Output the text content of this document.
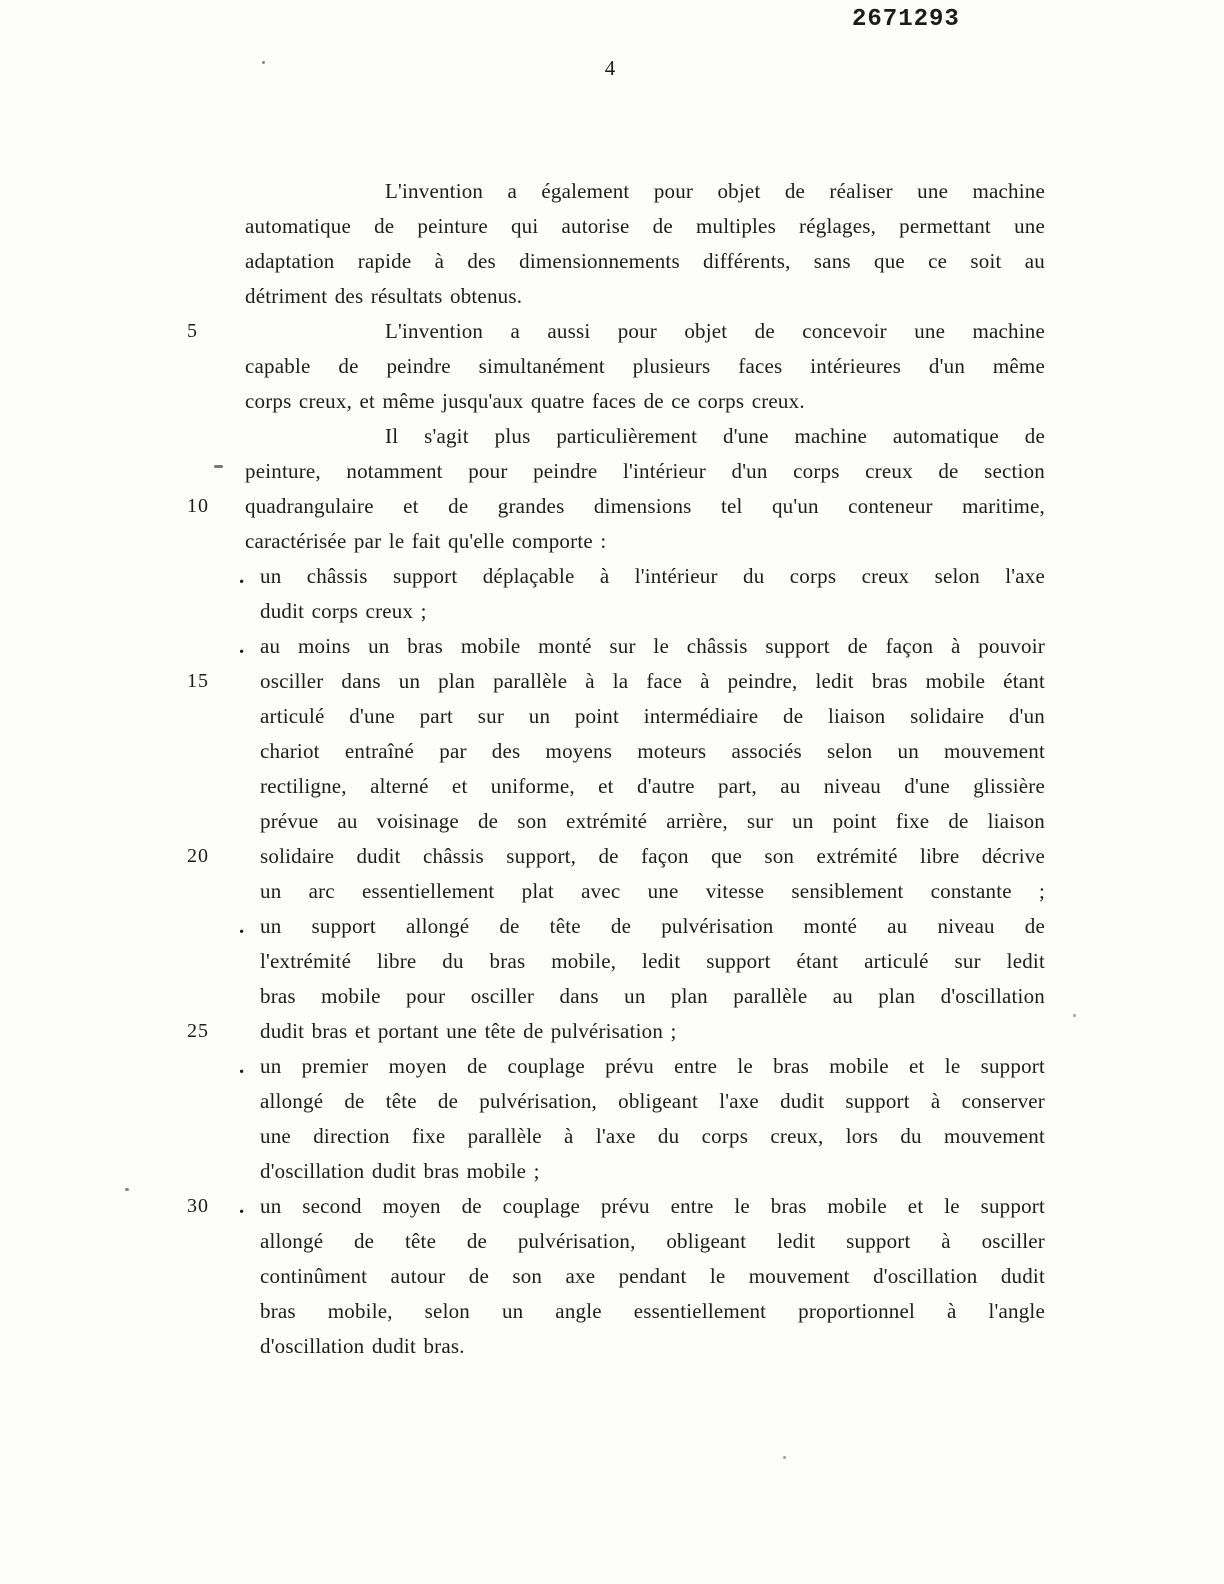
2671293
4
L'invention a également pour objet de réaliser une machine
automatique de peinture qui autorise de multiples réglages, permettant une
adaptation rapide à des dimensionnements différents, sans que ce soit au
détriment des résultats obtenus.
5	L'invention a aussi pour objet de concevoir une machine
capable de peindre simultanément plusieurs faces intérieures d'un même
corps creux, et même jusqu'aux quatre faces de ce corps creux.
Il s'agit plus particulièrement d'une machine automatique de
peinture, notamment pour peindre l'intérieur d'un corps creux de section
10	quadrangulaire et de grandes dimensions tel qu'un conteneur maritime,
caractérisée par le fait qu'elle comporte :
. un châssis support déplaçable à l'intérieur du corps creux selon l'axe
dudit corps creux ;
. au moins un bras mobile monté sur le châssis support de façon à pouvoir
15	osciller dans un plan parallèle à la face à peindre, ledit bras mobile étant
articulé d'une part sur un point intermédiaire de liaison solidaire d'un
chariot entraîné par des moyens moteurs associés selon un mouvement
rectiligne, alterné et uniforme, et d'autre part, au niveau d'une glissière
prévue au voisinage de son extrémité arrière, sur un point fixe de liaison
20	solidaire dudit châssis support, de façon que son extrémité libre décrive
un arc essentiellement plat avec une vitesse sensiblement constante ;
. un support allongé de tête de pulvérisation monté au niveau de
l'extrémité libre du bras mobile, ledit support étant articulé sur ledit
bras mobile pour osciller dans un plan parallèle au plan d'oscillation
25	dudit bras et portant une tête de pulvérisation ;
. un premier moyen de couplage prévu entre le bras mobile et le support
allongé de tête de pulvérisation, obligeant l'axe dudit support à conserver
une direction fixe parallèle à l'axe du corps creux, lors du mouvement
d'oscillation dudit bras mobile ;
30	. un second moyen de couplage prévu entre le bras mobile et le support
allongé de tête de pulvérisation, obligeant ledit support à osciller
continûment autour de son axe pendant le mouvement d'oscillation dudit
bras mobile, selon un angle essentiellement proportionnel à l'angle
d'oscillation dudit bras.
